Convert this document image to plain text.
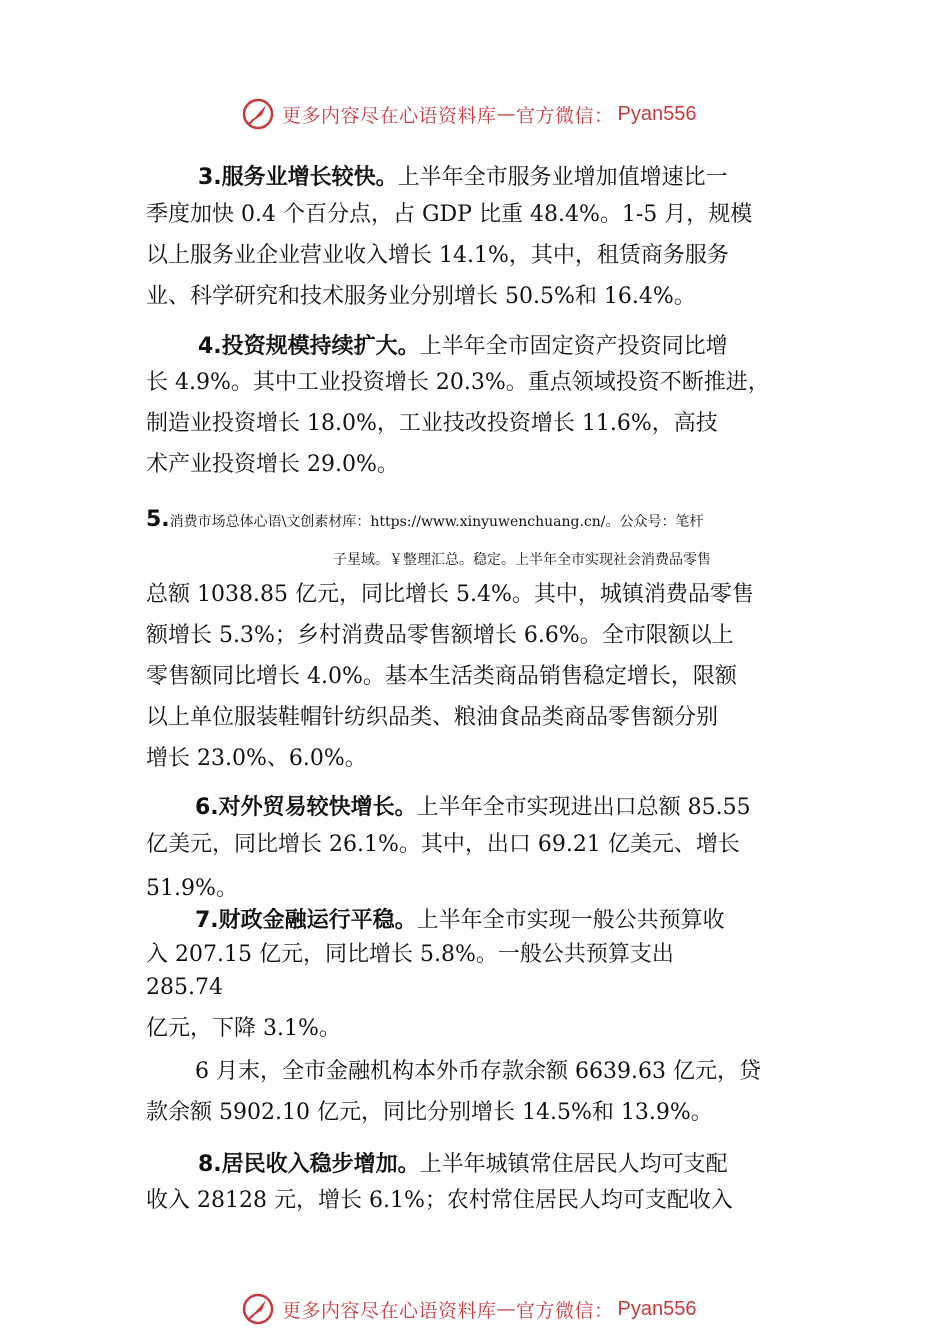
更多内容尽在心语资料库 — 官方微信： Pyan556
3.服务业增长较快。上半年全市服务业增加值增速比一
季度加快 0.4 个百分点，占 GDP 比重 48.4%。1-5 月，规模
以上服务业企业营业收入增长 14.1%，其中，租赁商务服务
业、科学研究和技术服务业分别增长 50.5%和 16.4%。
4.投资规模持续扩大。上半年全市固定资产投资同比增
长 4.9%。其中工业投资增长 20.3%。重点领域投资不断推进，
制造业投资增长 18.0%，工业技改投资增长 11.6%，高技
术产业投资增长 29.0%。
5.消费市场总体心语\文创素材库：https://www.xinyuwenchuang.cn/。公众号：笔杆
子星域。￥整理汇总。稳定。上半年全市实现社会消费品零售
总额 1038.85 亿元，同比增长 5.4%。其中，城镇消费品零售
额增长 5.3%；乡村消费品零售额增长 6.6%。全市限额以上
零售额同比增长 4.0%。基本生活类商品销售稳定增长，限额
以上单位服装鞋帽针纺织品类、粮油食品类商品零售额分别
增长 23.0%、6.0%。
6.对外贸易较快增长。上半年全市实现进出口总额 85.55
亿美元，同比增长 26.1%。其中，出口 69.21 亿美元、增长
51.9%。
7.财政金融运行平稳。上半年全市实现一般公共预算收
入 207.15 亿元，同比增长 5.8%。一般公共预算支出
285.74
亿元，下降 3.1%。
6 月末，全市金融机构本外币存款余额 6639.63 亿元，贷
款余额 5902.10 亿元，同比分别增长 14.5%和 13.9%。
8.居民收入稳步增加。上半年城镇常住居民人均可支配
收入 28128 元，增长 6.1%；农村常住居民人均可支配收入
更多内容尽在心语资料库 — 官方微信： Pyan556
